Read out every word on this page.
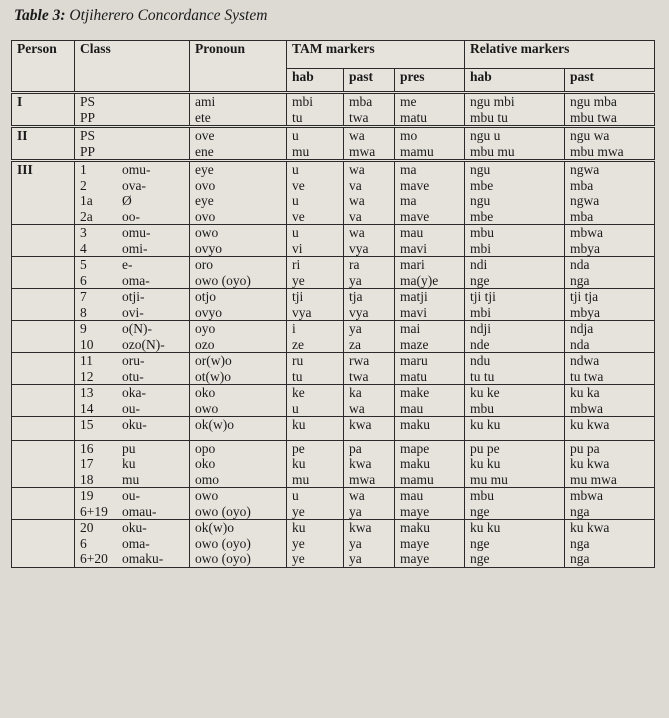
Table 3: Otjiherero Concordance System
Person	Class	Pronoun	TAM markers			Relative markers	
			hab	past	pres	hab	past
I	PS	ami	mbi	mba	me	ngu mbi	ngu mba

	PP	ete	tu	twa	matu	mbu tu	mbu twa
II	PS	ove	u	wa	mo	ngu u	ngu wa

	PP	ene	mu	mwa	mamu	mbu mu	mbu mwa
III	1 omu-	eye	u	wa	ma	ngu	ngwa

	2 ova-	ovo	ve	va	mave	mbe	mba

	1a Ø	eye	u	wa	ma	ngu	ngwa

	2a oo-	ovo	ve	va	mave	mbe	mba

	3 omu-	owo	u	wa	mau	mbu	mbwa

	4 omi-	ovyo	vi	vya	mavi	mbi	mbya

	5 e-	oro	ri	ra	mari	ndi	nda

	6 oma-	owo (oyo)	ye	ya	ma(y)e	nge	nga

	7 otji-	otjo	tji	tja	matji	tji tji	tji tja

	8 ovi-	ovyo	vya	vya	mavi	mbi	mbya

	9 o(N)-	oyo	i	ya	mai	ndji	ndja

	10 ozo(N)-	ozo	ze	za	maze	nde	nda

	11 oru-	or(w)o	ru	rwa	maru	ndu	ndwa

	12 otu-	ot(w)o	tu	twa	matu	tu tu	tu twa

	13 oka-	oko	ke	ka	make	ku ke	ku ka

	14 ou-	owo	u	wa	mau	mbu	mbwa

	15 oku-	ok(w)o	ku	kwa	maku	ku ku	ku kwa

	16 pu	opo	pe	pa	mape	pu pe	pu pa

	17 ku	oko	ku	kwa	maku	ku ku	ku kwa

	18 mu	omo	mu	mwa	mamu	mu mu	mu mwa

	19 ou-	owo	u	wa	mau	mbu	mbwa

	6+19 omau-	owo (oyo)	ye	ya	maye	nge	nga

	20 oku-	ok(w)o	ku	kwa	maku	ku ku	ku kwa

	6 oma-	owo (oyo)	ye	ya	maye	nge	nga

	6+20 omaku-	owo (oyo)	ye	ya	maye	nge	nga
